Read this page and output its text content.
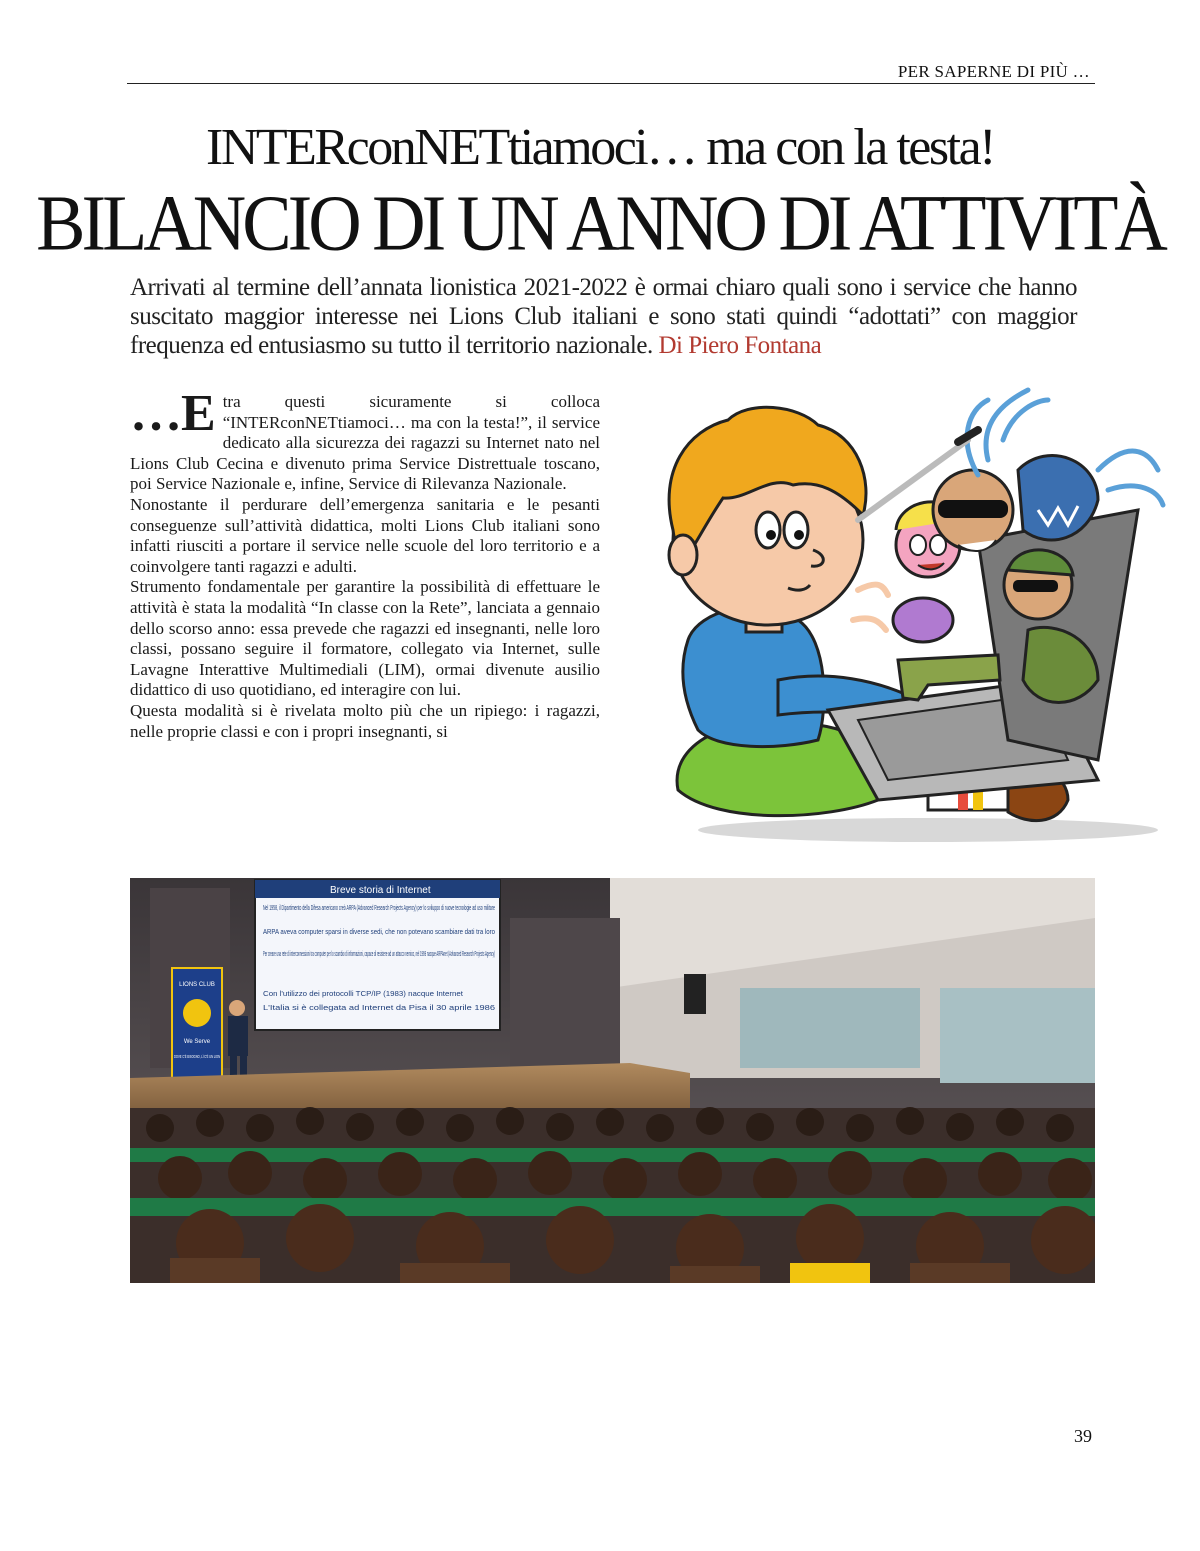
PER SAPERNE DI PIÙ …
INTERconNETtiamoci… ma con la testa!
BILANCIO DI UN ANNO DI ATTIVITÀ

Arrivati al termine dell’annata lionistica 2021-2022 è ormai chiaro quali sono i service che hanno suscitato maggior interesse nei Lions Club italiani e sono stati quindi “adottati” con maggior frequenza ed entusiasmo su tutto il territorio nazionale. Di Piero Fontana

…E tra questi sicuramente si colloca “INTERconNETtiamoci… ma con la testa!”, il service dedicato alla sicurezza dei ragazzi su Internet nato nel Lions Club Cecina e divenuto prima Service Distrettuale toscano, poi Service Nazionale e, infine, Service di Rilevanza Nazionale.

Nonostante il perdurare dell’emergenza sanitaria e le pesanti conseguenze sull’attività didattica, molti Lions Club italiani sono infatti riusciti a portare il service nelle scuole del loro territorio e a coinvolgere tanti ragazzi e adulti.

Strumento fondamentale per garantire la possibilità di effettuare le attività è stata la modalità “In classe con la Rete”, lanciata a gennaio dello scorso anno: essa prevede che ragazzi ed insegnanti, nelle loro classi, possano seguire il formatore, collegato via Internet, sulle Lavagne Interattive Multimediali (LIM), ormai divenute ausilio didattico di uso quotidiano, ed interagire con lui.

Questa modalità si è rivelata molto più che un ripiego: i ragazzi, nelle proprie classi e con i propri insegnanti, si

Breve storia di Internet
Nel 1958, il Dipartimento della Difesa americano creò ARPA (Advanced Research Projects Agency) per lo sviluppo di nuove tecnologie ad uso militare
ARPA aveva computer sparsi in diverse sedi, che non potevano scambiare dati tra loro
Per creare una rete di interconnessioni tra computer per lo scambio di informazioni, capace di resistere ad un attacco nemico, nel 1969 nacque ARPAnet (Advanced Research Projects Agency)
Con l'utilizzo dei protocolli TCP/IP (1983) nacque Internet
L'Italia si è collegata ad Internet da Pisa il 30 aprile 1986
LIONS CLUB
We Serve
DOVE C'È BISOGNO, LÌ C'È UN LION
39
